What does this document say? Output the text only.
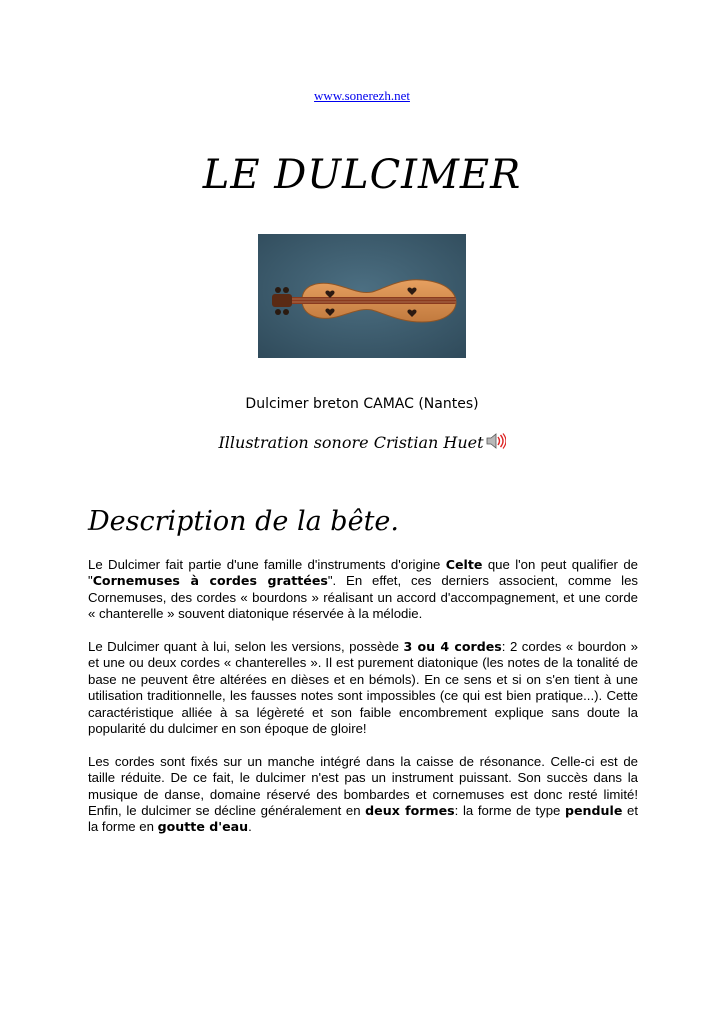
www.sonerezh.net
LE DULCIMER
Dulcimer breton CAMAC (Nantes)
Illustration sonore Cristian Huet
Description de la bête.

Le Dulcimer fait partie d'une famille d'instruments d'origine Celte que l'on peut qualifier de "Cornemuses à cordes grattées". En effet, ces derniers associent, comme les Cornemuses, des cordes « bourdons » réalisant un accord d'accompagnement, et une corde « chanterelle » souvent diatonique réservée à la mélodie.

Le Dulcimer quant à lui, selon les versions, possède 3 ou 4 cordes: 2 cordes « bourdon » et une ou deux cordes « chanterelles ». Il est purement diatonique (les notes de la tonalité de base ne peuvent être altérées en dièses et en bémols). En ce sens et si on s'en tient à une utilisation traditionnelle, les fausses notes sont impossibles (ce qui est bien pratique...). Cette caractéristique alliée à sa légèreté et son faible encombrement explique sans doute la popularité du dulcimer en son époque de gloire!

Les cordes sont fixés sur un manche intégré dans la caisse de résonance. Celle-ci est de taille réduite. De ce fait, le dulcimer n'est pas un instrument puissant. Son succès dans la musique de danse, domaine réservé des bombardes et cornemuses est donc resté limité! Enfin, le dulcimer se décline généralement en deux formes: la forme de type pendule et la forme en goutte d'eau.
